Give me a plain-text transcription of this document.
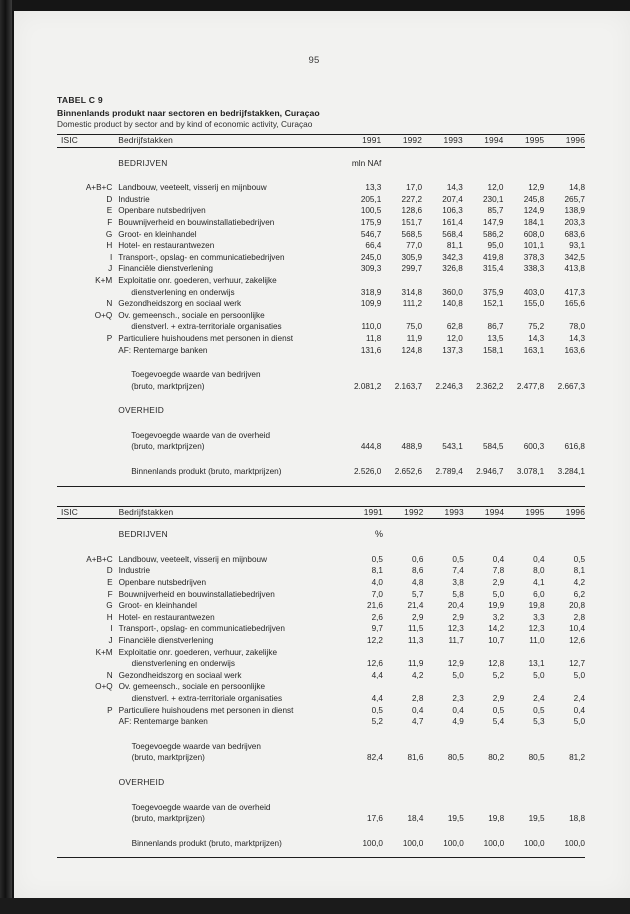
95
TABEL C 9
Binnenlands produkt naar sectoren en bedrijfstakken, Curaçao
Domestic product by sector and by kind of economic activity, Curaçao
ISIC	Bedrijfstakken	1991	1992	1993	1994	1995	1996

	BEDRIJVEN	mln NAf					

A+B+C	Landbouw, veeteelt, visserij en mijnbouw	13,3	17,0	14,3	12,0	12,9	14,8
D	Industrie	205,1	227,2	207,4	230,1	245,8	265,7
E	Openbare nutsbedrijven	100,5	128,6	106,3	85,7	124,9	138,9
F	Bouwnijverheid en bouwinstallatiebedrijven	175,9	151,7	161,4	147,9	184,1	203,3
G	Groot- en kleinhandel	546,7	568,5	568,4	586,2	608,0	683,6
H	Hotel- en restaurantwezen	66,4	77,0	81,1	95,0	101,1	93,1
I	Transport-, opslag- en communicatiebedrijven	245,0	305,9	342,3	419,8	378,3	342,5
J	Financiële dienstverlening	309,3	299,7	326,8	315,4	338,3	413,8
K+M	Exploitatie onr. goederen, verhuur, zakelijke						
	dienstverlening en onderwijs	318,9	314,8	360,0	375,9	403,0	417,3
N	Gezondheidszorg en sociaal werk	109,9	111,2	140,8	152,1	155,0	165,6
O+Q	Ov. gemeensch., sociale en persoonlijke						
	dienstverl. + extra-territoriale organisaties	110,0	75,0	62,8	86,7	75,2	78,0
P	Particuliere huishoudens met personen in dienst	11,8	11,9	12,0	13,5	14,3	14,3
	AF: Rentemarge banken	131,6	124,8	137,3	158,1	163,1	163,6

	Toegevoegde waarde van bedrijven						
	(bruto, marktprijzen)	2.081,2	2.163,7	2.246,3	2.362,2	2.477,8	2.667,3

	OVERHEID						

	Toegevoegde waarde van de overheid						
	(bruto, marktprijzen)	444,8	488,9	543,1	584,5	600,3	616,8

	Binnenlands produkt (bruto, marktprijzen)	2.526,0	2.652,6	2.789,4	2.946,7	3.078,1	3.284,1

ISIC	Bedrijfstakken	1991	1992	1993	1994	1995	1996

	BEDRIJVEN	%					

A+B+C	Landbouw, veeteelt, visserij en mijnbouw	0,5	0,6	0,5	0,4	0,4	0,5
D	Industrie	8,1	8,6	7,4	7,8	8,0	8,1
E	Openbare nutsbedrijven	4,0	4,8	3,8	2,9	4,1	4,2
F	Bouwnijverheid en bouwinstallatiebedrijven	7,0	5,7	5,8	5,0	6,0	6,2
G	Groot- en kleinhandel	21,6	21,4	20,4	19,9	19,8	20,8
H	Hotel- en restaurantwezen	2,6	2,9	2,9	3,2	3,3	2,8
I	Transport-, opslag- en communicatiebedrijven	9,7	11,5	12,3	14,2	12,3	10,4
J	Financiële dienstverlening	12,2	11,3	11,7	10,7	11,0	12,6
K+M	Exploitatie onr. goederen, verhuur, zakelijke						
	dienstverlening en onderwijs	12,6	11,9	12,9	12,8	13,1	12,7
N	Gezondheidszorg en sociaal werk	4,4	4,2	5,0	5,2	5,0	5,0
O+Q	Ov. gemeensch., sociale en persoonlijke						
	dienstverl. + extra-territoriale organisaties	4,4	2,8	2,3	2,9	2,4	2,4
P	Particuliere huishoudens met personen in dienst	0,5	0,4	0,4	0,5	0,5	0,4
	AF: Rentemarge banken	5,2	4,7	4,9	5,4	5,3	5,0

	Toegevoegde waarde van bedrijven						
	(bruto, marktprijzen)	82,4	81,6	80,5	80,2	80,5	81,2

	OVERHEID						

	Toegevoegde waarde van de overheid						
	(bruto, marktprijzen)	17,6	18,4	19,5	19,8	19,5	18,8

	Binnenlands produkt (bruto, marktprijzen)	100,0	100,0	100,0	100,0	100,0	100,0
